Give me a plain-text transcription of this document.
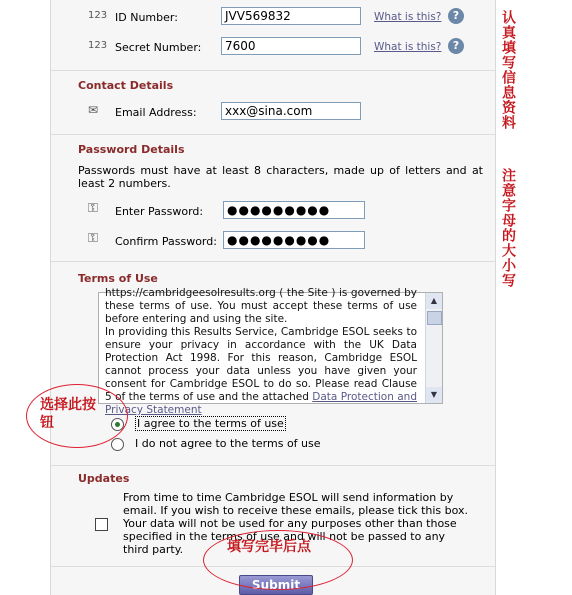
123 ID Number:	JVV569832	What is this?	?
123 Secret Number:	7600	What is this?	?
Contact Details
✉ Email Address:	xxx@sina.com
Password Details
Passwords must have at least 8 characters, made up of letters and at least 2 numbers.
⚿ Enter Password:	●●●●●●●●●
⚿ Confirm Password: ●●●●●●●●●
Terms of Use
https://cambridgeesolresults.org ( the Site ) is governed by these terms of use. You must accept these terms of use before entering and using the site.
In providing this Results Service, Cambridge ESOL seeks to ensure your privacy in accordance with the UK Data Protection Act 1998. For this reason, Cambridge ESOL cannot process your data unless you have given your consent for Cambridge ESOL to do so. Please read Clause 5 of the terms of use and the attached Data Protection and Privacy Statement
▲
▼
I agree to the terms of use
I do not agree to the terms of use
Updates
From time to time Cambridge ESOL will send information by email. If you wish to receive these emails, please tick this box. Your data will not be used for any purposes other than those specified in the terms of use and will not be passed to any third party.
Submit
认真填写信息资料
注意字母的大小写
选择此按钮
填写完毕后点
